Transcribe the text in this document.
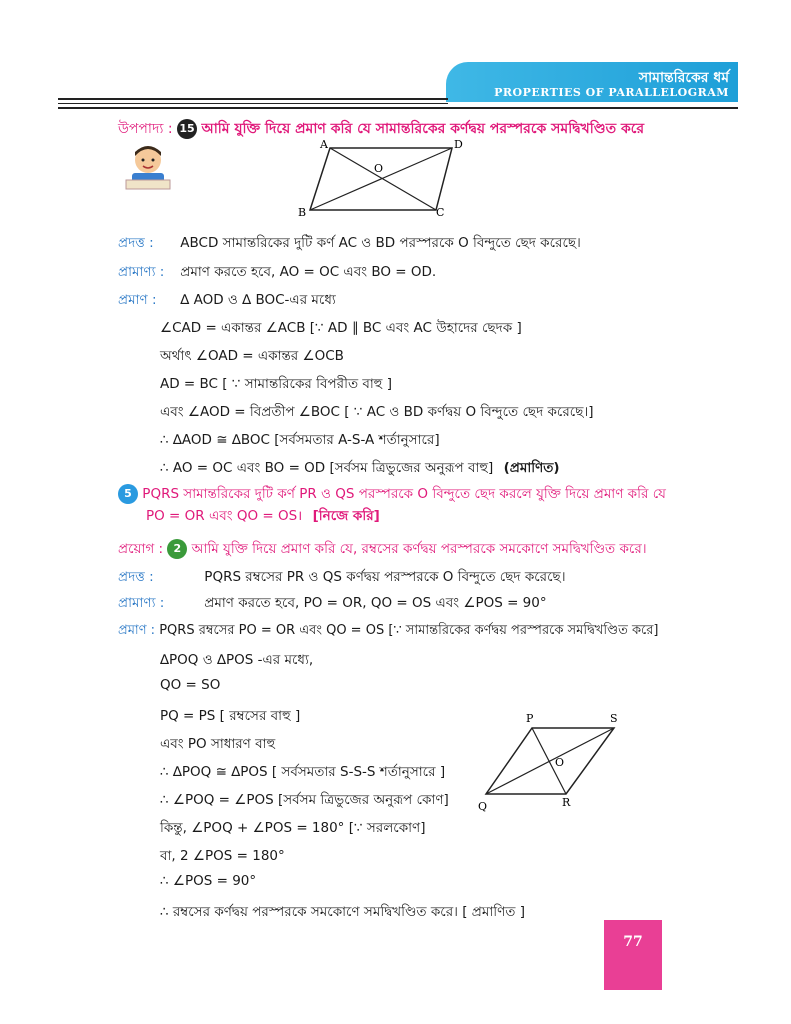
সামান্তরিকের ধর্ম
PROPERTIES OF PARALLELOGRAM
উপপাদ্য : 15 আমি যুক্তি দিয়ে প্রমাণ করি যে সামান্তরিকের কর্ণদ্বয় পরস্পরকে সমদ্বিখণ্ডিত করে
A	D
B	C
O
প্রদত্ত : ABCD সামান্তরিকের দুটি কর্ণ AC ও BD পরস্পরকে O বিন্দুতে ছেদ করেছে।
প্রামাণ্য : প্রমাণ করতে হবে, AO = OC এবং BO = OD.
প্রমাণ : ∆ AOD ও ∆ BOC-এর মধ্যে
∠CAD = একান্তর ∠ACB [∵ AD ∥ BC এবং AC উহাদের ছেদক ]
অর্থাৎ ∠OAD = একান্তর ∠OCB
AD = BC [ ∵ সামান্তরিকের বিপরীত বাহু ]
এবং ∠AOD = বিপ্রতীপ ∠BOC [ ∵ AC ও BD কর্ণদ্বয় O বিন্দুতে ছেদ করেছে।]
∴ ∆AOD ≅ ∆BOC [সর্বসমতার A-S-A শর্তানুসারে]
∴ AO = OC এবং BO = OD [সর্বসম ত্রিভুজের অনুরূপ বাহু] (প্রমাণিত)
5 PQRS সামান্তরিকের দুটি কর্ণ PR ও QS পরস্পরকে O বিন্দুতে ছেদ করলে যুক্তি দিয়ে প্রমাণ করি যে
PO = OR এবং QO = OS। [নিজে করি]
প্রয়োগ : 2 আমি যুক্তি দিয়ে প্রমাণ করি যে, রম্বসের কর্ণদ্বয় পরস্পরকে সমকোণে সমদ্বিখণ্ডিত করে।
প্রদত্ত :	PQRS রম্বসের PR ও QS কর্ণদ্বয় পরস্পরকে O বিন্দুতে ছেদ করেছে।
প্রামাণ্য :	প্রমাণ করতে হবে, PO = OR, QO = OS এবং ∠POS = 90°
প্রমাণ : PQRS রম্বসের PO = OR এবং QO = OS [∵ সামান্তরিকের কর্ণদ্বয় পরস্পরকে সমদ্বিখণ্ডিত করে]
∆POQ ও ∆POS -এর মধ্যে,
QO = SO
PQ = PS [ রম্বসের বাহু ]
এবং PO সাধারণ বাহু
∴ ∆POQ ≅ ∆POS [ সর্বসমতার S-S-S শর্তানুসারে ]
∴ ∠POQ = ∠POS [সর্বসম ত্রিভুজের অনুরূপ কোণ]
কিন্তু, ∠POQ + ∠POS = 180° [∵ সরলকোণ]
বা, 2 ∠POS = 180°
∴ ∠POS = 90°
∴ রম্বসের কর্ণদ্বয় পরস্পরকে সমকোণে সমদ্বিখণ্ডিত করে। [ প্রমাণিত ]
P	S
Q	R
O
77
